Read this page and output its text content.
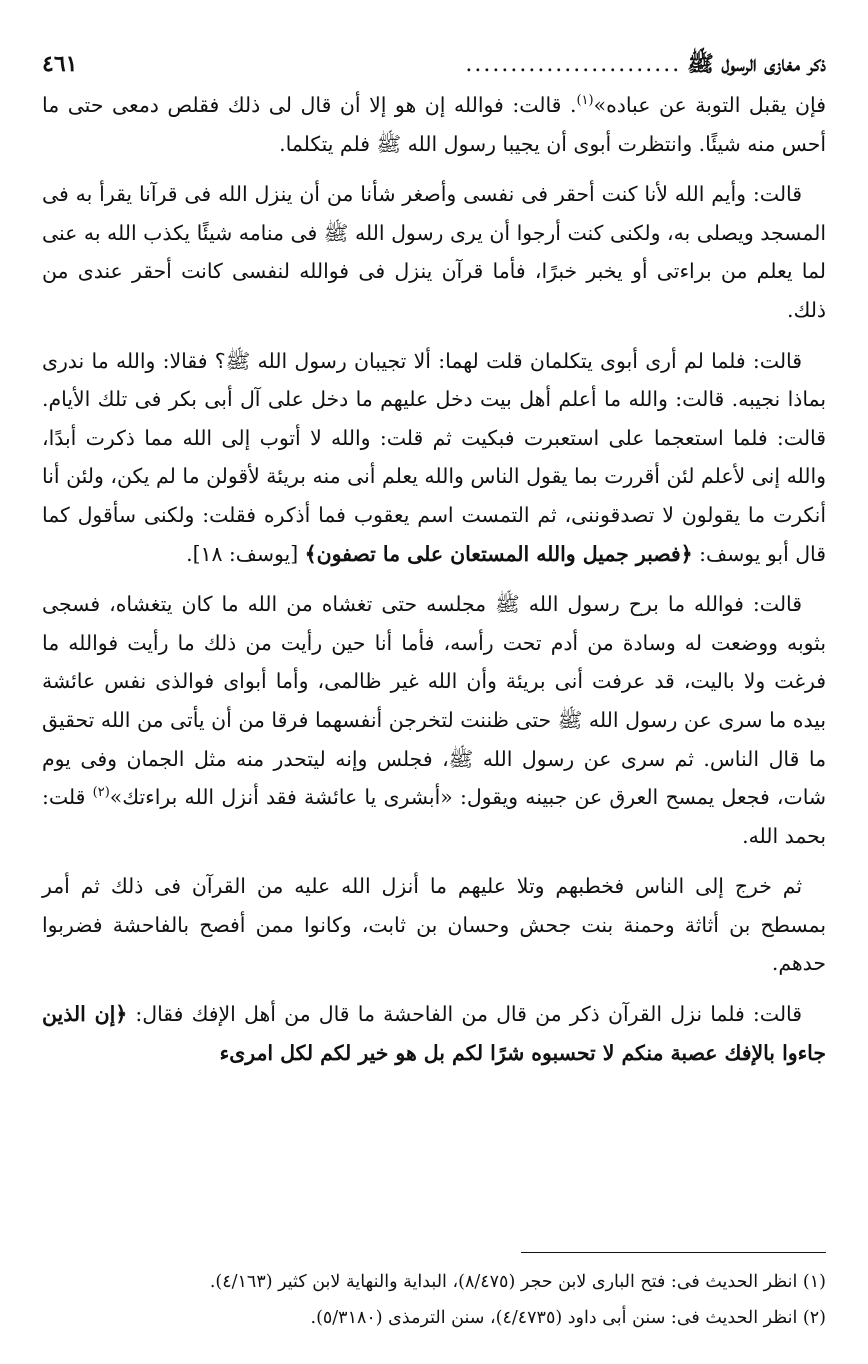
ذكر مغازى الرسول ﷺ
........................
٤٦١

فإن يقبل التوبة عن عباده»$^{(١)}$. قالت: فوالله إن هو إلا أن قال لى ذلك فقلص دمعى حتى ما أحس منه شيئًا. وانتظرت أبوى أن يجيبا رسول الله ﷺ فلم يتكلما.

قالت: وأيم الله لأنا كنت أحقر فى نفسى وأصغر شأنا من أن ينزل الله فى قرآنا يقرأ به فى المسجد ويصلى به، ولكنى كنت أرجوا أن يرى رسول الله ﷺ فى منامه شيئًا يكذب الله به عنى لما يعلم من براءتى أو يخبر خبرًا، فأما قرآن ينزل فى فوالله لنفسى كانت أحقر عندى من ذلك.

قالت: فلما لم أرى أبوى يتكلمان قلت لهما: ألا تجيبان رسول الله ﷺ؟ فقالا: والله ما ندرى بماذا نجيبه. قالت: والله ما أعلم أهل بيت دخل عليهم ما دخل على آل أبى بكر فى تلك الأيام. قالت: فلما استعجما على استعبرت فبكيت ثم قلت: والله لا أتوب إلى الله مما ذكرت أبدًا، والله إنى لأعلم لئن أقررت بما يقول الناس والله يعلم أنى منه بريئة لأقولن ما لم يكن، ولئن أنا أنكرت ما يقولون لا تصدقوننى، ثم التمست اسم يعقوب فما أذكره فقلت: ولكنى سأقول كما قال أبو يوسف: ﴿فصبر جميل والله المستعان على ما تصفون﴾ [يوسف: ١٨].

قالت: فوالله ما برح رسول الله ﷺ مجلسه حتى تغشاه من الله ما كان يتغشاه، فسجى بثوبه ووضعت له وسادة من أدم تحت رأسه، فأما أنا حين رأيت من ذلك ما رأيت فوالله ما فرغت ولا باليت، قد عرفت أنى بريئة وأن الله غير ظالمى، وأما أبواى فوالذى نفس عائشة بيده ما سرى عن رسول الله ﷺ حتى ظننت لتخرجن أنفسهما فرقا من أن يأتى من الله تحقيق ما قال الناس. ثم سرى عن رسول الله ﷺ، فجلس وإنه ليتحدر منه مثل الجمان وفى يوم شات، فجعل يمسح العرق عن جبينه ويقول: «أبشرى يا عائشة فقد أنزل الله براءتك»$^{(٢)}$ قلت: بحمد الله.

ثم خرج إلى الناس فخطبهم وتلا عليهم ما أنزل الله عليه من القرآن فى ذلك ثم أمر بمسطح بن أثاثة وحمنة بنت جحش وحسان بن ثابت، وكانوا ممن أفصح بالفاحشة فضربوا حدهم.

قالت: فلما نزل القرآن ذكر من قال من الفاحشة ما قال من أهل الإفك فقال: ﴿إن الذين جاءوا بالإفك عصبة منكم لا تحسبوه شرًا لكم بل هو خير لكم لكل امرىء

(١) انظر الحديث فى: فتح البارى لابن حجر (٨/٤٧٥)، البداية والنهاية لابن كثير (٤/١٦٣).
(٢) انظر الحديث فى: سنن أبى داود (٤/٤٧٣٥)، سنن الترمذى (٥/٣١٨٠).
